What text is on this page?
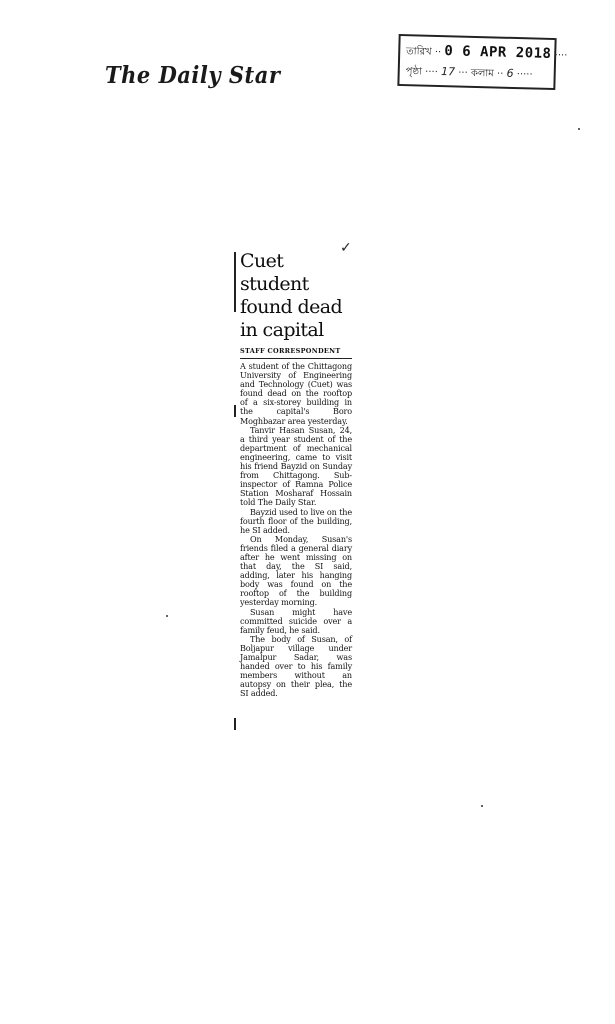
The Daily Star
তারিখ ·· 0 6 APR 2018 ····
পৃষ্ঠা ···· 17 ··· কলাম ·· 6 ·····
✓
Cuet student
found dead
in capital
STAFF CORRESPONDENT

A student of the Chittagong University of Engineering and Technology (Cuet) was found dead on the rooftop of a six-storey building in the capital's Boro Moghbazar area yesterday.

Tanvir Hasan Susan, 24, a third year student of the department of mechanical engineering, came to visit his friend Bayzid on Sunday from Chittagong. Sub-inspector of Ramna Police Station Mosharaf Hossain told The Daily Star.

Bayzid used to live on the fourth floor of the building, he SI added.

On Monday, Susan's friends filed a general diary after he went missing on that day, the SI said, adding, later his hanging body was found on the rooftop of the building yesterday morning.

Susan might have committed suicide over a family feud, he said.

The body of Susan, of Boljapur village under Jamalpur Sadar, was handed over to his family members without an autopsy on their plea, the SI added.
